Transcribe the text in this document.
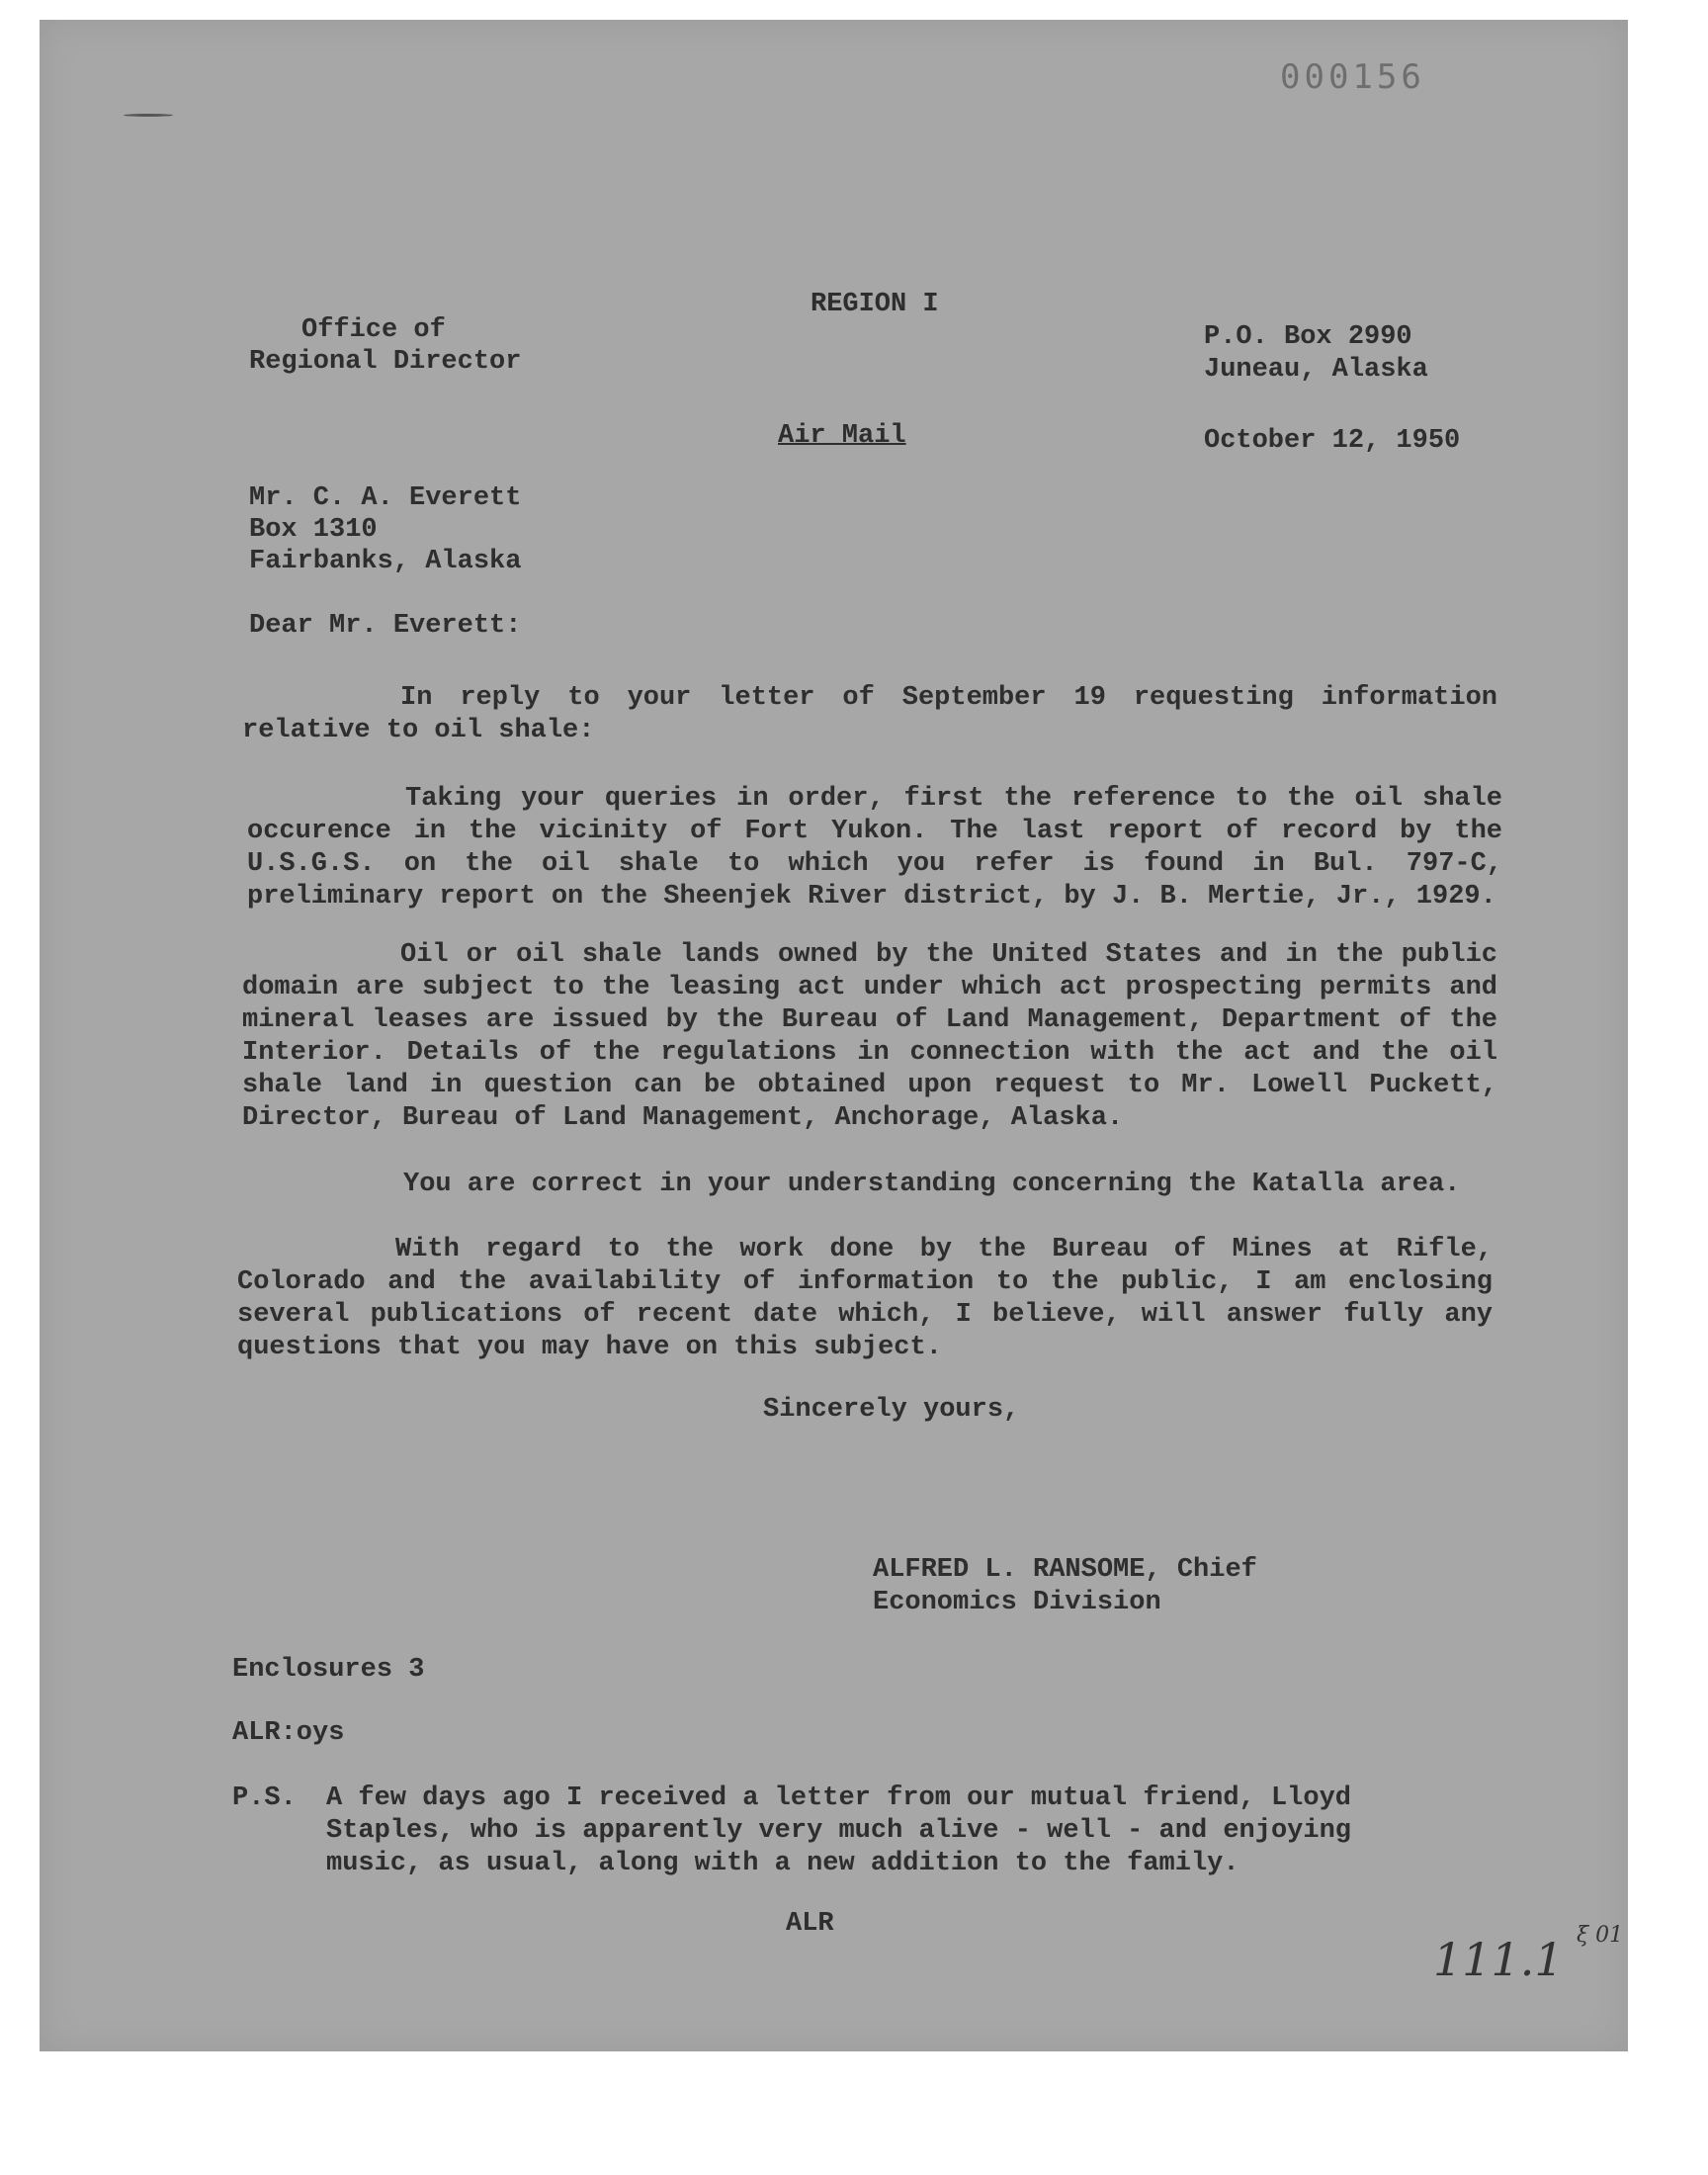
000156
REGION I
Office of
Regional Director
P.O. Box 2990
Juneau, Alaska
Air Mail	October 12, 1950
Mr. C. A. Everett
Box 1310
Fairbanks, Alaska
Dear Mr. Everett:
In reply to your letter of September 19 requesting information relative to oil shale:
Taking your queries in order, first the reference to the oil shale occurence in the vicinity of Fort Yukon. The last report of record by the U.S.G.S. on the oil shale to which you refer is found in Bul. 797-C, preliminary report on the Sheenjek River district, by J. B. Mertie, Jr., 1929.
Oil or oil shale lands owned by the United States and in the public domain are subject to the leasing act under which act prospecting permits and mineral leases are issued by the Bureau of Land Management, Department of the Interior. Details of the regulations in connection with the act and the oil shale land in question can be obtained upon request to Mr. Lowell Puckett, Director, Bureau of Land Management, Anchorage, Alaska.
You are correct in your understanding concerning the Katalla area.
With regard to the work done by the Bureau of Mines at Rifle, Colorado and the availability of information to the public, I am enclosing several publications of recent date which, I believe, will answer fully any questions that you may have on this subject.
Sincerely yours,
ALFRED L. RANSOME, Chief
Economics Division
Enclosures 3
ALR:oys
P.S. A few days ago I received a letter from our mutual friend, Lloyd Staples, who is apparently very much alive - well - and enjoying music, as usual, along with a new addition to the family.
ALR
111.1 ξ 01
